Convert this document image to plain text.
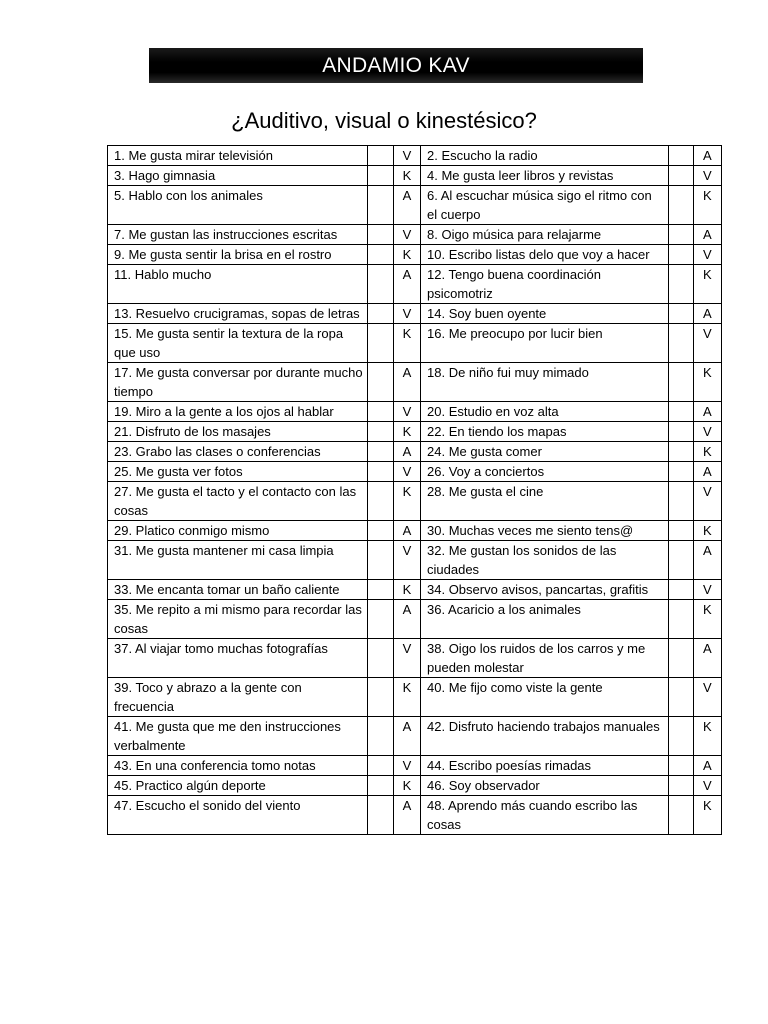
ANDAMIO KAV
¿Auditivo, visual o kinestésico?
1. Me gusta mirar televisión		V	2. Escucho la radio		A
3. Hago gimnasia		K	4. Me gusta leer libros y revistas		V
5. Hablo con los animales		A	6. Al escuchar música sigo el ritmo con el cuerpo		K
7. Me gustan las instrucciones escritas		V	8. Oigo música para relajarme		A
9. Me gusta sentir la brisa en el rostro		K	10. Escribo listas delo que voy a hacer		V
11. Hablo mucho		A	12. Tengo buena coordinación psicomotriz		K
13. Resuelvo crucigramas, sopas de letras		V	14. Soy buen oyente		A
15. Me gusta sentir la textura de la ropa que uso		K	16. Me preocupo por lucir bien		V
17. Me gusta conversar por durante mucho tiempo		A	18. De niño fui muy mimado		K
19. Miro a la gente a los ojos al hablar		V	20. Estudio en voz alta		A
21. Disfruto de los masajes		K	22. En tiendo los mapas		V
23. Grabo las clases o conferencias		A	24. Me gusta comer		K
25. Me gusta ver fotos		V	26. Voy a conciertos		A
27. Me gusta el tacto y el contacto con las cosas		K	28. Me gusta el cine		V
29. Platico conmigo mismo		A	30. Muchas veces me siento tens@		K
31. Me gusta mantener mi casa limpia		V	32. Me gustan los sonidos de las ciudades		A
33. Me encanta tomar un baño caliente		K	34. Observo avisos, pancartas, grafitis		V
35. Me repito a mi mismo para recordar las cosas		A	36. Acaricio a los animales		K
37. Al viajar tomo muchas fotografías		V	38. Oigo los ruidos de los carros y me pueden molestar		A
39. Toco y abrazo a la gente con frecuencia		K	40. Me fijo como viste la gente		V
41. Me gusta que me den instrucciones verbalmente		A	42. Disfruto haciendo trabajos manuales		K
43. En una conferencia tomo notas		V	44. Escribo poesías rimadas		A
45. Practico algún deporte		K	46. Soy observador		V
47. Escucho el sonido del viento		A	48. Aprendo más cuando escribo las cosas		K
